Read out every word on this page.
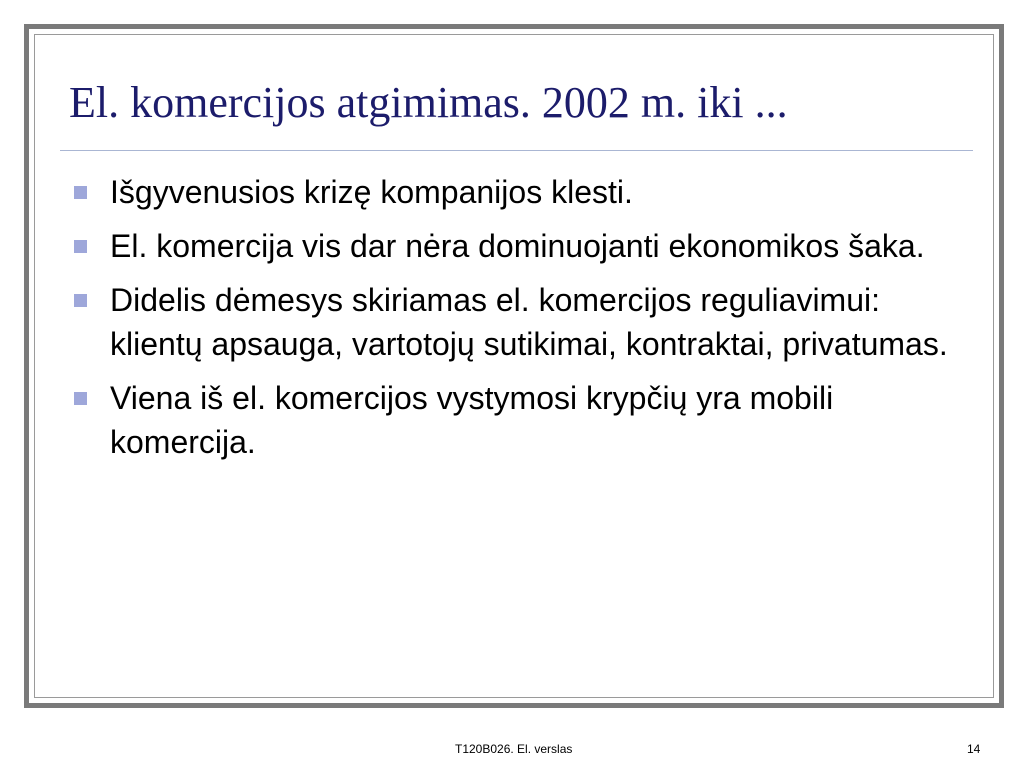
El. komercijos atgimimas. 2002 m. iki ...
Išgyvenusios krizę kompanijos klesti.
El. komercija vis dar nėra dominuojanti ekonomikos šaka.
Didelis dėmesys skiriamas el. komercijos reguliavimui: klientų apsauga, vartotojų sutikimai, kontraktai, privatumas.
Viena iš el. komercijos vystymosi krypčių yra mobili komercija.
T120B026. El. verslas	14
